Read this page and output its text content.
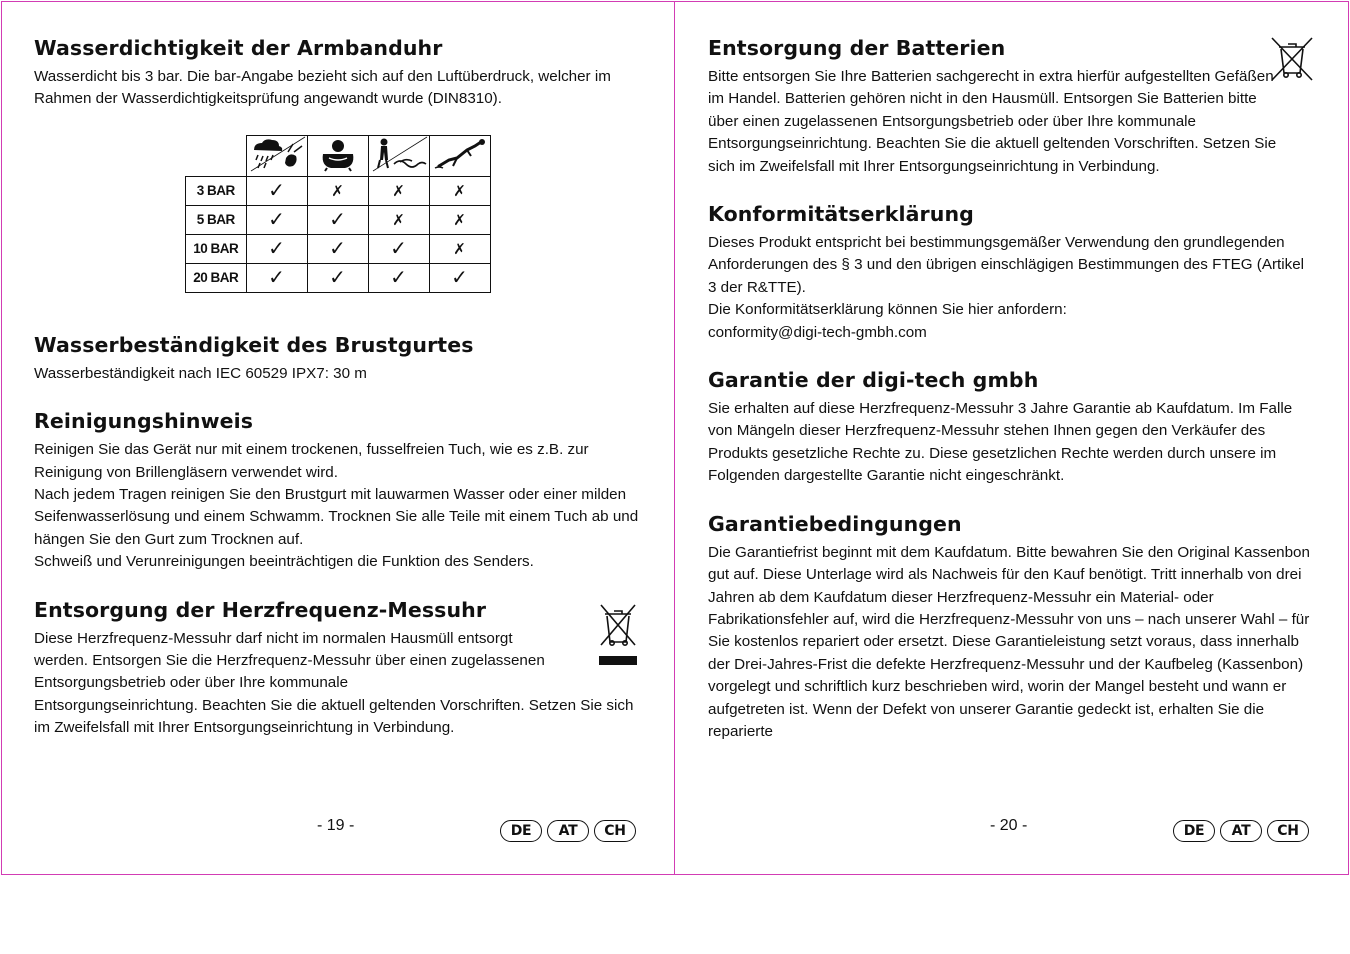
Wasserdichtigkeit der Armbanduhr

Wasserdicht bis 3 bar. Die bar-Angabe bezieht sich auf den Luftüberdruck, welcher im Rahmen der Wasserdichtigkeitsprüfung angewandt wurde (DIN8310).

3 BAR	✓	✗	✗	✗
5 BAR	✓	✓	✗	✗
10 BAR	✓	✓	✓	✗
20 BAR	✓	✓	✓	✓
Wasserbeständigkeit des Brustgurtes

Wasserbeständigkeit nach IEC 60529 IPX7: 30 m

Reinigungshinweis

Reinigen Sie das Gerät nur mit einem trockenen, fusselfreien Tuch, wie es z.B. zur Reinigung von Brillengläsern verwendet wird.
Nach jedem Tragen reinigen Sie den Brustgurt mit lauwarmen Wasser oder einer milden Seifenwasserlösung und einem Schwamm. Trocknen Sie alle Teile mit einem Tuch ab und hängen Sie den Gurt zum Trocknen auf.
Schweiß und Verunreinigungen beeinträchtigen die Funktion des Senders.

Entsorgung der Herzfrequenz-Messuhr

Diese Herzfrequenz-Messuhr darf nicht im normalen Hausmüll entsorgt werden. Entsorgen Sie die Herzfrequenz-Messuhr über einen zugelassenen Entsorgungsbetrieb oder über Ihre kommunale

Entsorgungseinrichtung. Beachten Sie die aktuell geltenden Vorschriften. Setzen Sie sich im Zweifelsfall mit Ihrer Entsorgungseinrichtung in Verbindung.

- 19 -	DE	AT	CH
Entsorgung der Batterien

Bitte entsorgen Sie Ihre Batterien sachgerecht in extra hierfür aufgestellten Gefäßen im Handel. Batterien gehören nicht in den Hausmüll. Entsorgen Sie Batterien bitte über einen zugelassenen Entsorgungsbetrieb oder über Ihre kommunale Entsorgungseinrichtung. Beachten Sie die aktuell geltenden Vorschriften. Setzen Sie sich im Zweifelsfall mit Ihrer Entsorgungseinrichtung in Verbindung.

Konformitätserklärung

Dieses Produkt entspricht bei bestimmungsgemäßer Verwendung den grundlegenden Anforderungen des § 3 und den übrigen einschlägigen Bestimmungen des FTEG (Artikel 3 der R&TTE).
Die Konformitätserklärung können Sie hier anfordern:
conformity@digi-tech-gmbh.com

Garantie der digi-tech gmbh

Sie erhalten auf diese Herzfrequenz-Messuhr 3 Jahre Garantie ab Kaufdatum. Im Falle von Mängeln dieser Herzfrequenz-Messuhr stehen Ihnen gegen den Verkäufer des Produkts gesetzliche Rechte zu. Diese gesetzlichen Rechte werden durch unsere im Folgenden dargestellte Garantie nicht eingeschränkt.

Garantiebedingungen

Die Garantiefrist beginnt mit dem Kaufdatum. Bitte bewahren Sie den Original Kassenbon gut auf. Diese Unterlage wird als Nachweis für den Kauf benötigt. Tritt innerhalb von drei Jahren ab dem Kaufdatum dieser Herzfrequenz-Messuhr ein Material- oder Fabrikationsfehler auf, wird die Herzfrequenz-Messuhr von uns – nach unserer Wahl – für Sie kostenlos repariert oder ersetzt. Diese Garantieleistung setzt voraus, dass innerhalb der Drei-Jahres-Frist die defekte Herzfrequenz-Messuhr und der Kaufbeleg (Kassenbon) vorgelegt und schriftlich kurz beschrieben wird, worin der Mangel besteht und wann er aufgetreten ist. Wenn der Defekt von unserer Garantie gedeckt ist, erhalten Sie die reparierte

- 20 -	DE	AT	CH
